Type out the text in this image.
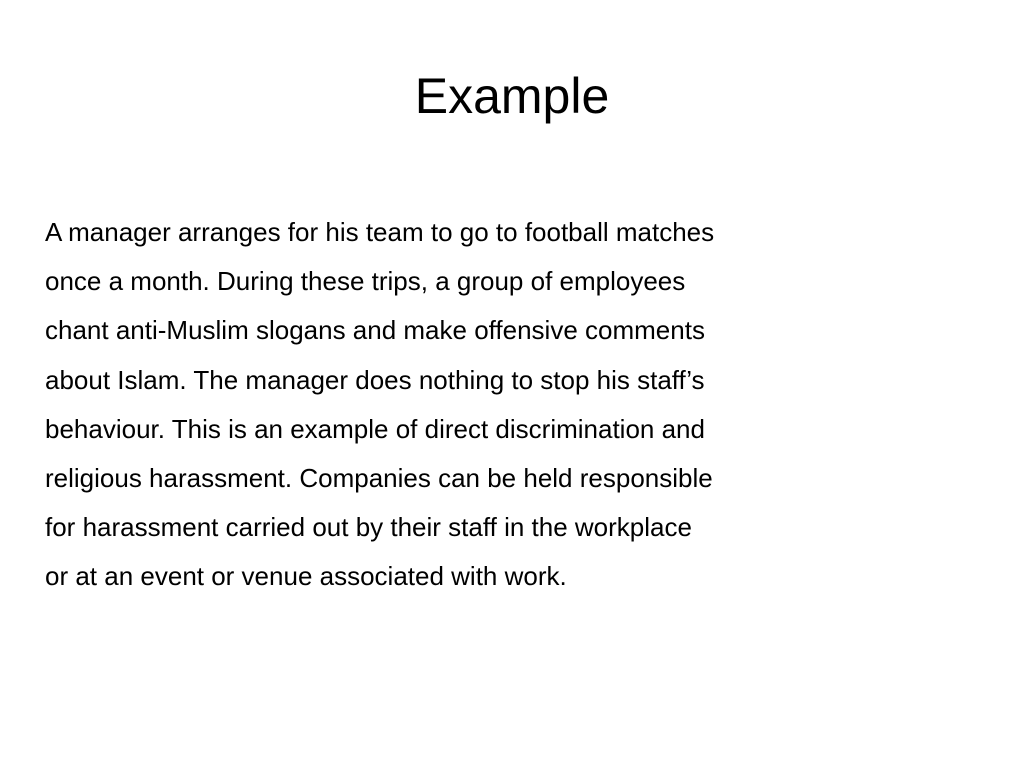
Example
A manager arranges for his team to go to football matches
once a month. During these trips, a group of employees
chant anti-Muslim slogans and make offensive comments
about Islam. The manager does nothing to stop his staff’s
behaviour. This is an example of direct discrimination and
religious harassment. Companies can be held responsible
for harassment carried out by their staff in the workplace
or at an event or venue associated with work.
